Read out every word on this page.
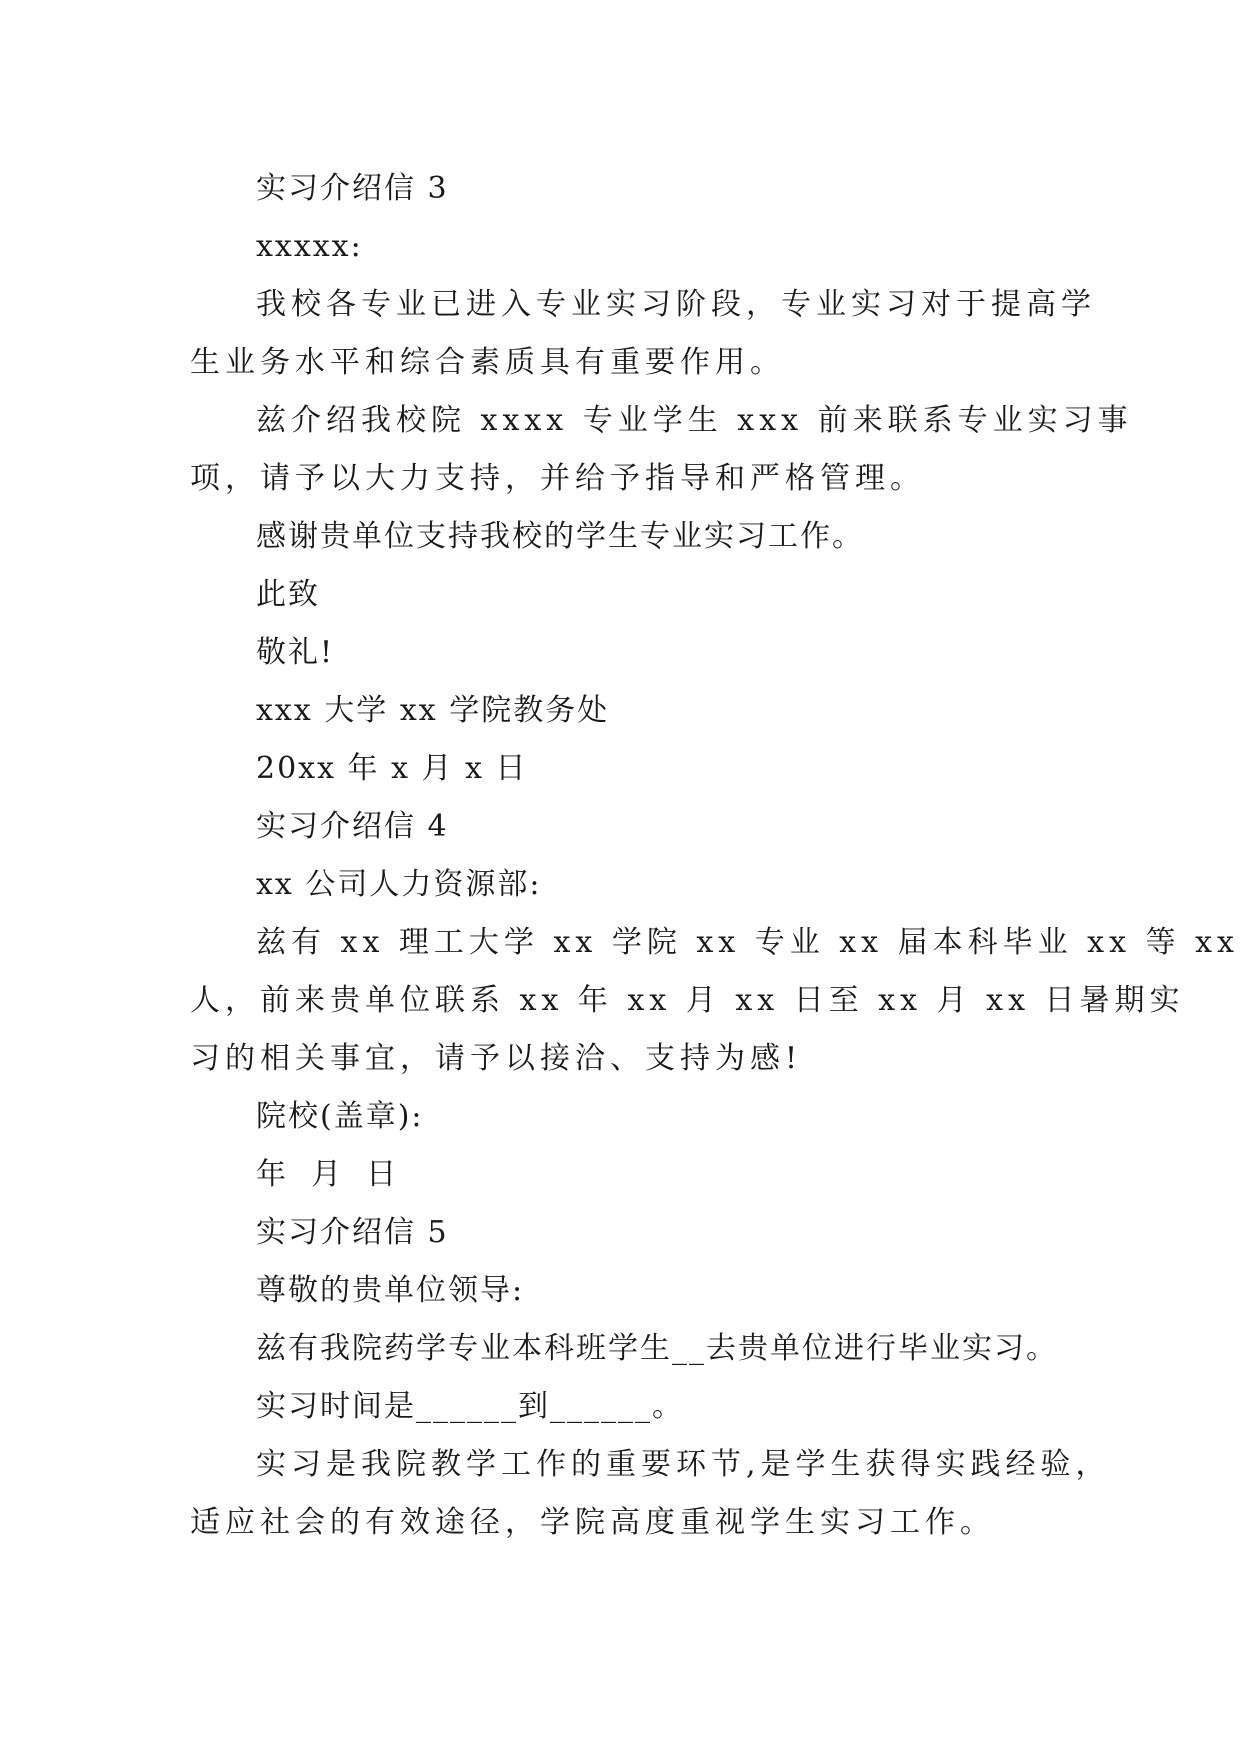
实习介绍信 3
xxxxx:
我校各专业已进入专业实习阶段，专业实习对于提高学
生业务水平和综合素质具有重要作用。
兹介绍我校院 xxxx 专业学生 xxx 前来联系专业实习事
项，请予以大力支持，并给予指导和严格管理。
感谢贵单位支持我校的学生专业实习工作。
此致
敬礼!
xxx 大学 xx 学院教务处
20xx 年 x 月 x 日
实习介绍信 4
xx 公司人力资源部:
兹有 xx 理工大学 xx 学院 xx 专业 xx 届本科毕业 xx 等 xx
人，前来贵单位联系 xx 年 xx 月 xx 日至 xx 月 xx 日暑期实
习的相关事宜，请予以接洽、支持为感!
院校(盖章):
年  月  日
实习介绍信 5
尊敬的贵单位领导:
兹有我院药学专业本科班学生__去贵单位进行毕业实习。
实习时间是______到______。
实习是我院教学工作的重要环节,是学生获得实践经验，
适应社会的有效途径，学院高度重视学生实习工作。
